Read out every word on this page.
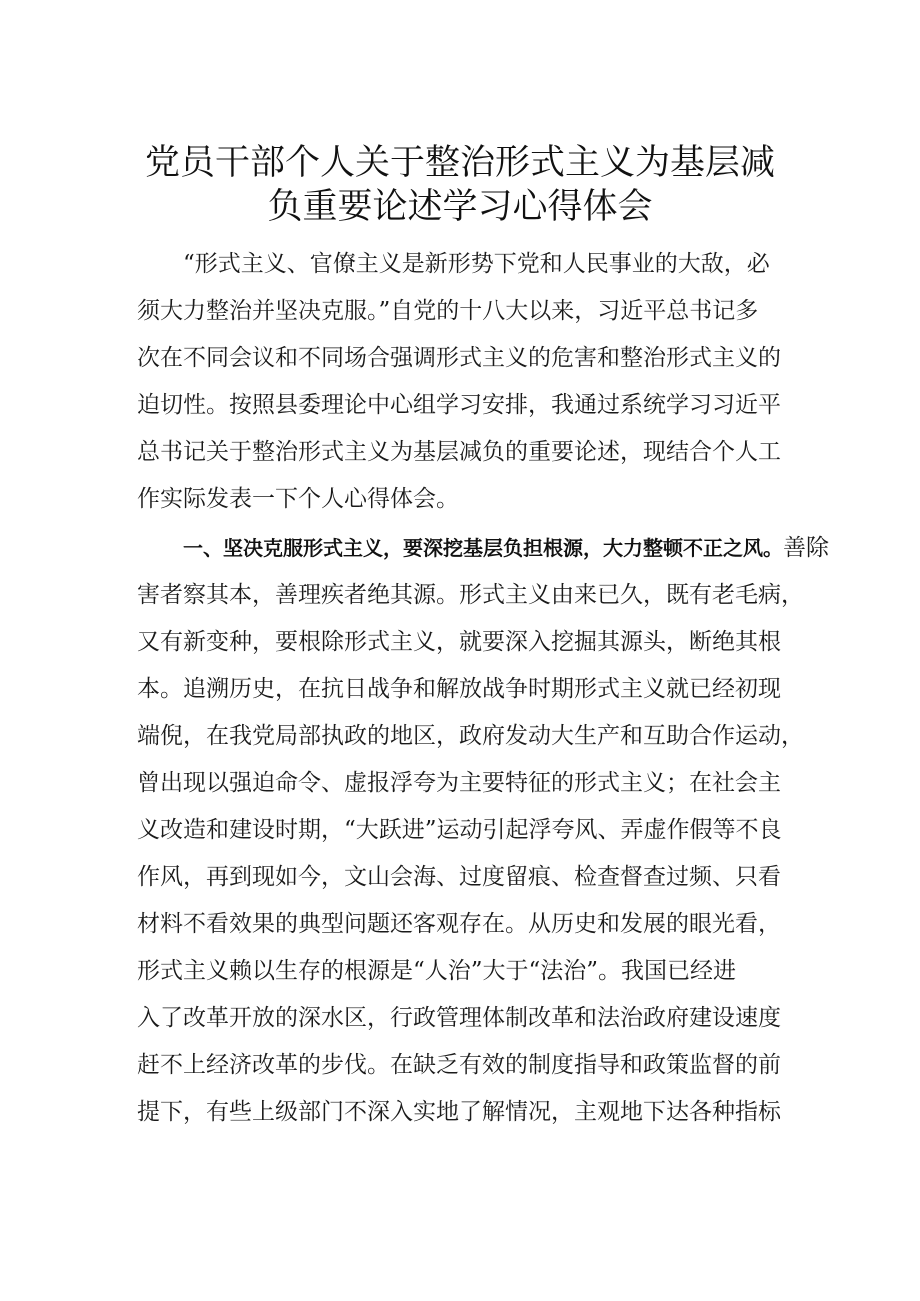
党员干部个人关于整治形式主义为基层减
负重要论述学习心得体会
“形式主义、官僚主义是新形势下党和人民事业的大敌，必
须大力整治并坚决克服。”自党的十八大以来，习近平总书记多
次在不同会议和不同场合强调形式主义的危害和整治形式主义的
迫切性。按照县委理论中心组学习安排，我通过系统学习习近平
总书记关于整治形式主义为基层减负的重要论述，现结合个人工
作实际发表一下个人心得体会。
一、坚决克服形式主义，要深挖基层负担根源，大力整顿不正之风。善除
害者察其本，善理疾者绝其源。形式主义由来已久，既有老毛病，
又有新变种，要根除形式主义，就要深入挖掘其源头，断绝其根
本。追溯历史，在抗日战争和解放战争时期形式主义就已经初现
端倪，在我党局部执政的地区，政府发动大生产和互助合作运动，
曾出现以强迫命令、虚报浮夸为主要特征的形式主义；在社会主
义改造和建设时期，“大跃进”运动引起浮夸风、弄虚作假等不良
作风，再到现如今，文山会海、过度留痕、检查督查过频、只看
材料不看效果的典型问题还客观存在。从历史和发展的眼光看，
形式主义赖以生存的根源是“人治”大于“法治”。我国已经进
入了改革开放的深水区，行政管理体制改革和法治政府建设速度
赶不上经济改革的步伐。在缺乏有效的制度指导和政策监督的前
提下，有些上级部门不深入实地了解情况，主观地下达各种指标
